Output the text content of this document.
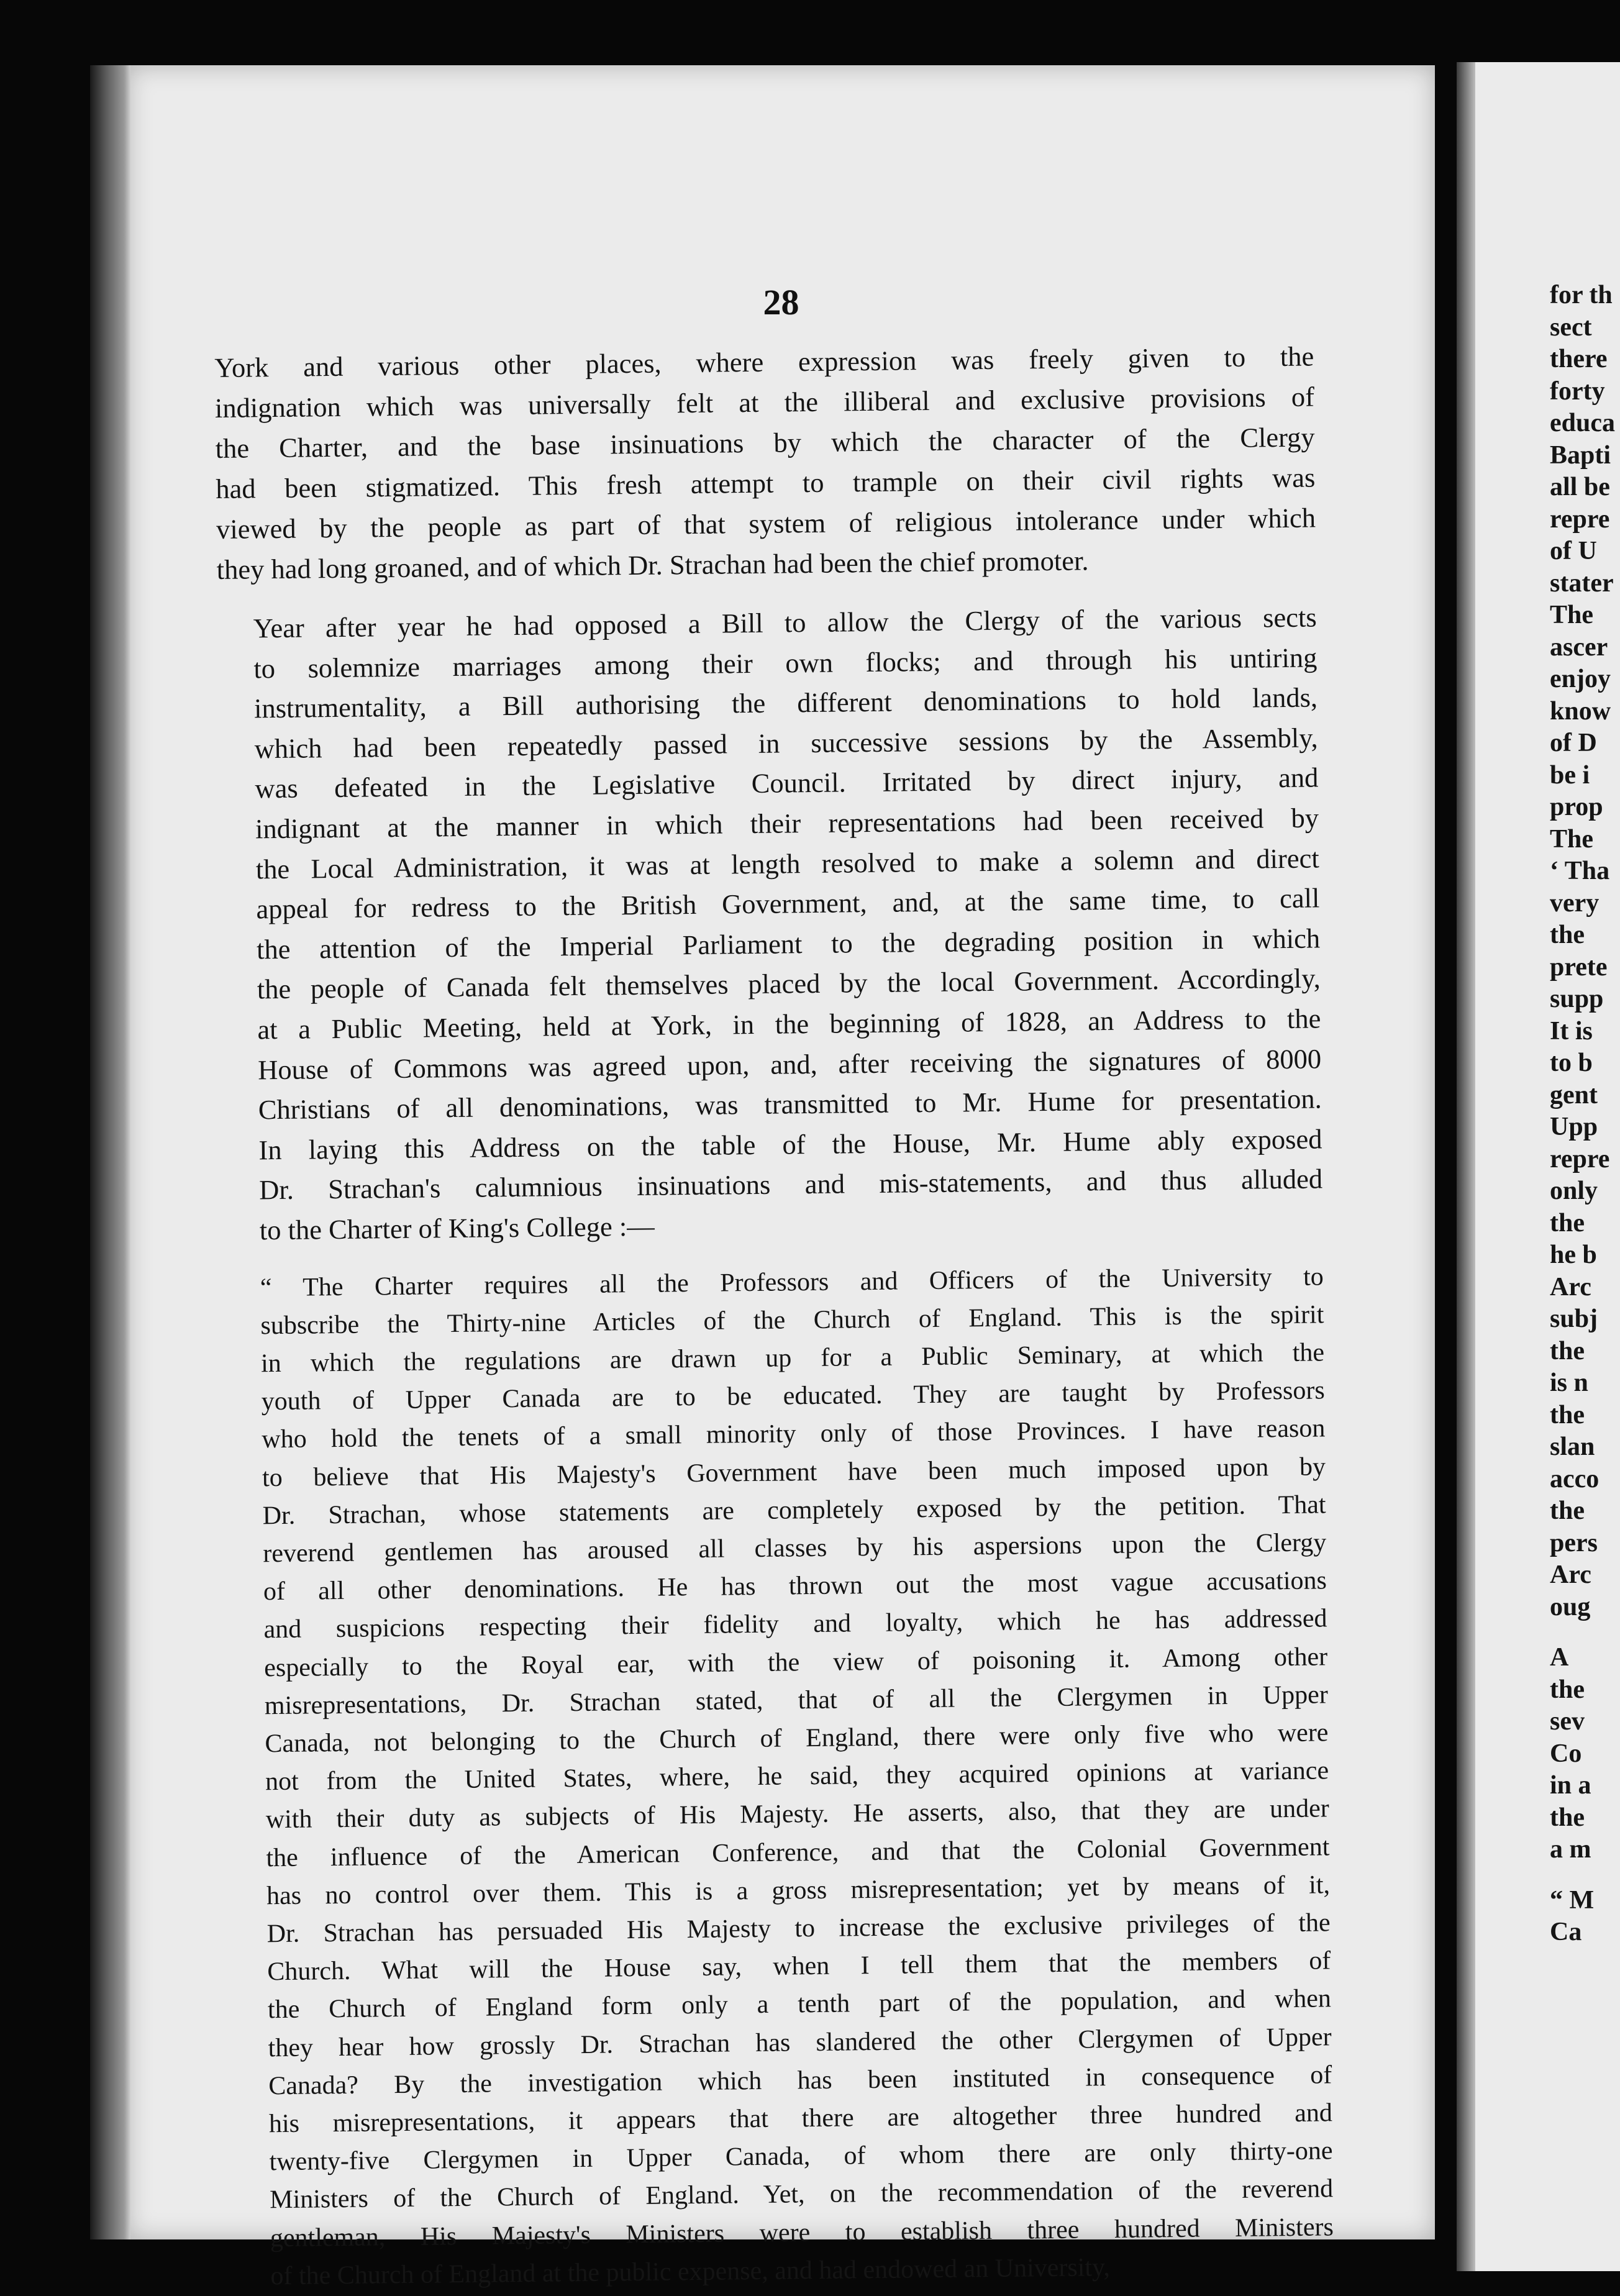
28

York and various other places, where expression was freely given to the
indignation which was universally felt at the illiberal and exclusive provisions of
the Charter, and the base insinuations by which the character of the Clergy
had been stigmatized. This fresh attempt to trample on their civil rights was
viewed by the people as part of that system of religious intolerance under which
they had long groaned, and of which Dr. Strachan had been the chief promoter.

Year after year he had opposed a Bill to allow the Clergy of the various sects
to solemnize marriages among their own flocks; and through his untiring
instrumentality, a Bill authorising the different denominations to hold lands,
which had been repeatedly passed in successive sessions by the Assembly,
was defeated in the Legislative Council. Irritated by direct injury, and
indignant at the manner in which their representations had been received by
the Local Administration, it was at length resolved to make a solemn and direct
appeal for redress to the British Government, and, at the same time, to call
the attention of the Imperial Parliament to the degrading position in which
the people of Canada felt themselves placed by the local Government. Accordingly,
at a Public Meeting, held at York, in the beginning of 1828, an Address to the
House of Commons was agreed upon, and, after receiving the signatures of 8000
Christians of all denominations, was transmitted to Mr. Hume for presentation.
In laying this Address on the table of the House, Mr. Hume ably exposed
Dr. Strachan's calumnious insinuations and mis-statements, and thus alluded
to the Charter of King's College :—

“ The Charter requires all the Professors and Officers of the University to
subscribe the Thirty-nine Articles of the Church of England. This is the spirit
in which the regulations are drawn up for a Public Seminary, at which the
youth of Upper Canada are to be educated. They are taught by Professors
who hold the tenets of a small minority only of those Provinces. I have reason
to believe that His Majesty's Government have been much imposed upon by
Dr. Strachan, whose statements are completely exposed by the petition. That
reverend gentlemen has aroused all classes by his aspersions upon the Clergy
of all other denominations. He has thrown out the most vague accusations
and suspicions respecting their fidelity and loyalty, which he has addressed
especially to the Royal ear, with the view of poisoning it. Among other
misrepresentations, Dr. Strachan stated, that of all the Clergymen in Upper
Canada, not belonging to the Church of England, there were only five who were
not from the United States, where, he said, they acquired opinions at variance
with their duty as subjects of His Majesty. He asserts, also, that they are under
the influence of the American Conference, and that the Colonial Government
has no control over them. This is a gross misrepresentation; yet by means of it,
Dr. Strachan has persuaded His Majesty to increase the exclusive privileges of the
Church. What will the House say, when I tell them that the members of
the Church of England form only a tenth part of the population, and when
they hear how grossly Dr. Strachan has slandered the other Clergymen of Upper
Canada? By the investigation which has been instituted in consequence of
his misrepresentations, it appears that there are altogether three hundred and
twenty-five Clergymen in Upper Canada, of whom there are only thirty-one
Ministers of the Church of England. Yet, on the recommendation of the reverend
gentleman, His Majesty's Ministers were to establish three hundred Ministers
of the Church of England at the public expense, and had endowed an University,

for th
sect
there
forty
educa
Bapti
all be
repre
of U
stater
The
ascer
enjoy
know
of D
be i
prop
The
‘ Tha
very
the
prete
supp
It is
to b
gent
Upp
repre
only
the
he b
Arc
subj
the
is n
the
slan
acco
the
pers
Arc
oug
A
the
sev
Co
in a
the
a m
“ M
Ca
